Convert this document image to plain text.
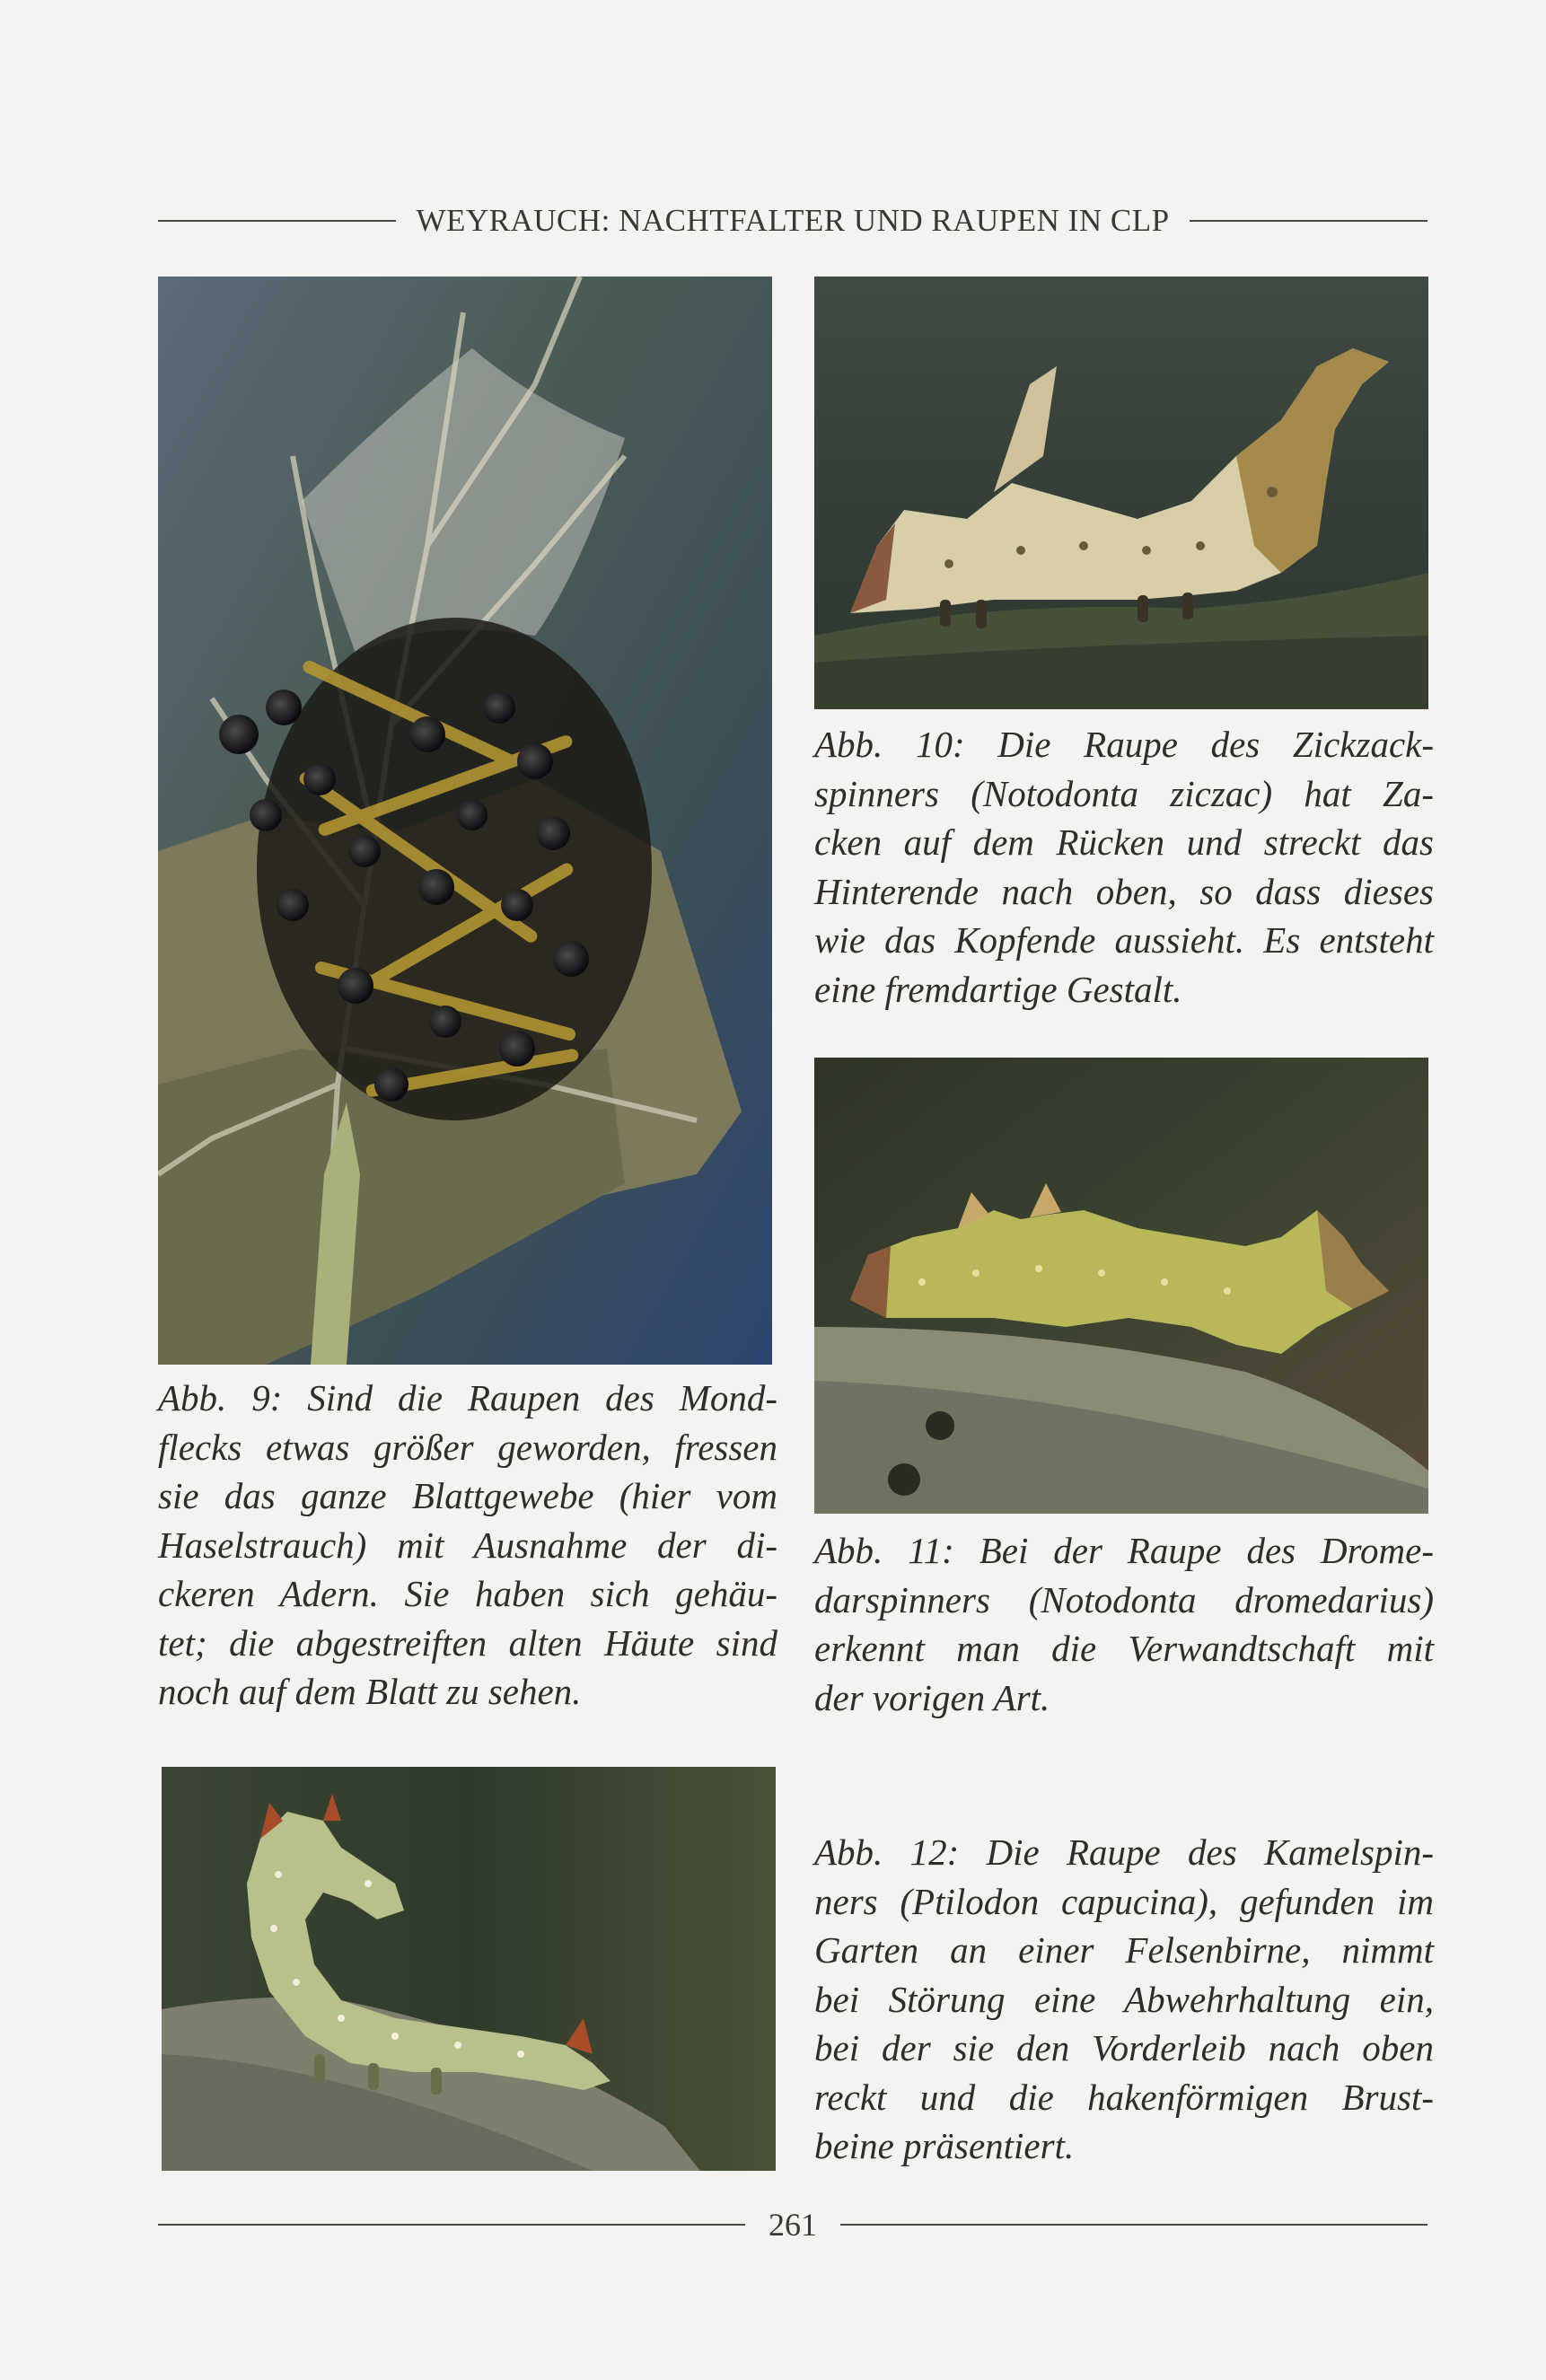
WEYRAUCH: NACHTFALTER UND RAUPEN IN CLP

Abb. 9: Sind die Raupen des Mond-
flecks etwas größer geworden, fressen
sie das ganze Blattgewebe (hier vom
Haselstrauch) mit Ausnahme der di-
ckeren Adern. Sie haben sich gehäu-
tet; die abgestreiften alten Häute sind
noch auf dem Blatt zu sehen.

Abb. 10: Die Raupe des Zickzack-
spinners (Notodonta ziczac) hat Za-
cken auf dem Rücken und streckt das
Hinterende nach oben, so dass dieses
wie das Kopfende aussieht. Es entsteht
eine fremdartige Gestalt.

Abb. 11: Bei der Raupe des Drome-
darspinners (Notodonta dromedarius)
erkennt man die Verwandtschaft mit
der vorigen Art.

Abb. 12: Die Raupe des Kamelspin-
ners (Ptilodon capucina), gefunden im
Garten an einer Felsenbirne, nimmt
bei Störung eine Abwehrhaltung ein,
bei der sie den Vorderleib nach oben
reckt und die hakenförmigen Brust-
beine präsentiert.

261
